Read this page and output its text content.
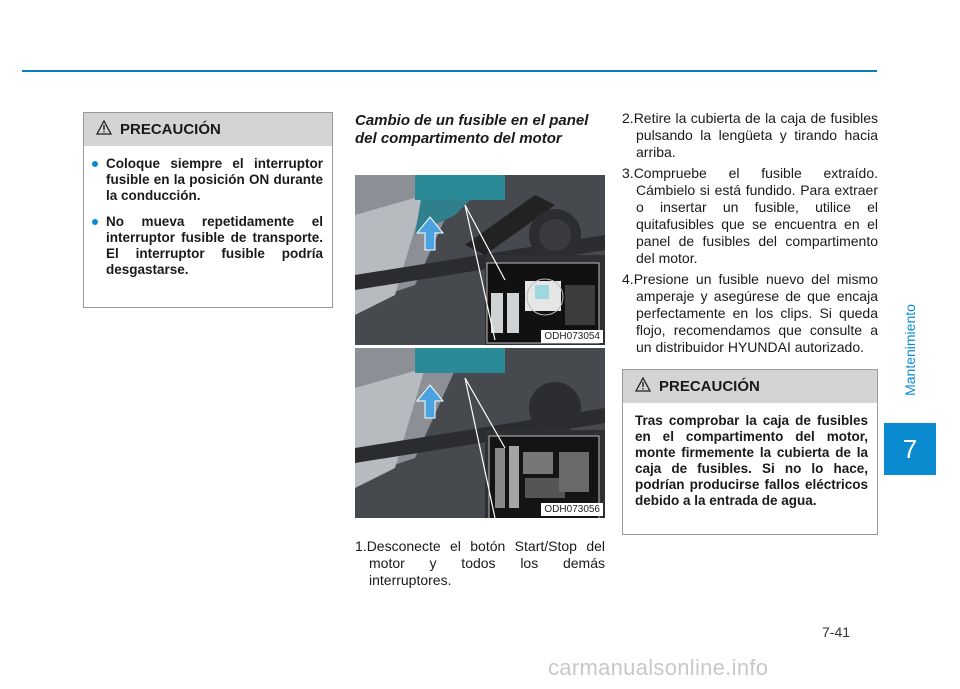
Mantenimiento
7
PRECAUCIÓN
Coloque siempre el interruptor fusible en la posición ON durante la conducción.
No mueva repetidamente el interruptor fusible de transporte. El interruptor fusible podría desgastarse.
Cambio de un fusible en el panel del compartimento del motor
ODH073054
ODH073056

1.Desconecte el botón Start/Stop del motor y todos los demás interruptores.

2.Retire la cubierta de la caja de fusibles pulsando la lengüeta y tirando hacia arriba.

3.Compruebe el fusible extraído. Cámbielo si está fundido. Para extraer o insertar un fusible, utilice el quitafusibles que se encuentra en el panel de fusibles del compartimento del motor.

4.Presione un fusible nuevo del mismo amperaje y asegúrese de que encaja perfectamente en los clips. Si queda flojo, recomendamos que consulte a un distribuidor HYUNDAI autorizado.

PRECAUCIÓN
Tras comprobar la caja de fusibles en el compartimento del motor, monte firmemente la cubierta de la caja de fusibles. Si no lo hace, podrían producirse fallos eléctricos debido a la entrada de agua.
7-41
carmanualsonline.info
